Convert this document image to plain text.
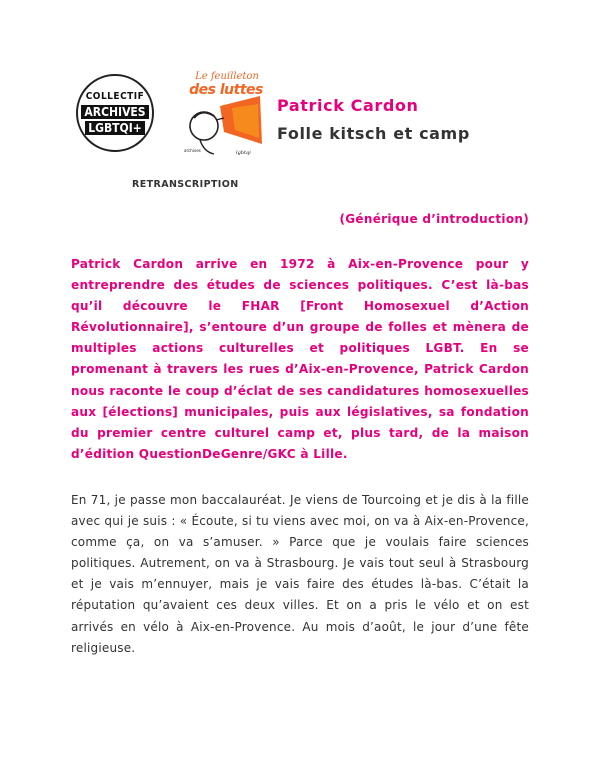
COLLECTIF
ARCHIVES
LGBTQI+
archives	lgbtqi
Le feuilleton
des luttes
Patrick Cardon
Folle kitsch et camp
RETRANSCRIPTION
(Générique d’introduction)

Patrick Cardon arrive en 1972 à Aix-en-Provence pour y entreprendre des études de sciences politiques. C’est là-bas qu’il découvre le FHAR [Front Homosexuel d’Action Révolutionnaire], s’entoure d’un groupe de folles et mènera de multiples actions culturelles et politiques LGBT. En se promenant à travers les rues d’Aix-en-Provence, Patrick Cardon nous raconte le coup d’éclat de ses candidatures homosexuelles aux [élections] municipales, puis aux législatives, sa fondation du premier centre culturel camp et, plus tard, de la maison d’édition QuestionDeGenre/GKC à Lille.

En 71, je passe mon baccalauréat. Je viens de Tourcoing et je dis à la fille avec qui je suis : « Écoute, si tu viens avec moi, on va à Aix-en-Provence, comme ça, on va s’amuser. » Parce que je voulais faire sciences politiques. Autrement, on va à Strasbourg. Je vais tout seul à Strasbourg et je vais m’ennuyer, mais je vais faire des études là-bas. C’était la réputation qu’avaient ces deux villes. Et on a pris le vélo et on est arrivés en vélo à Aix-en-Provence. Au mois d’août, le jour d’une fête religieuse.
